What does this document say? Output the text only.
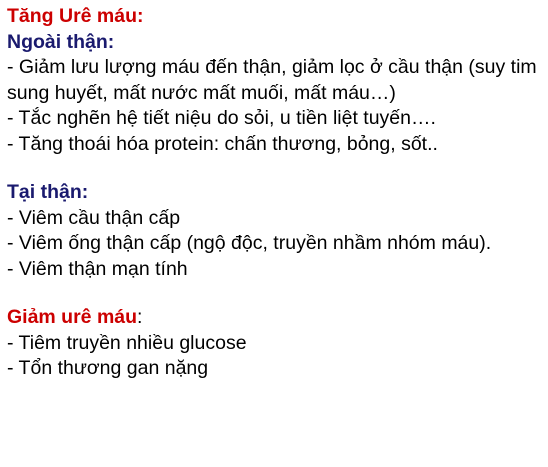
Tăng Urê máu:
Ngoài thận:
- Giảm lưu lượng máu đến thận, giảm lọc ở cầu thận (suy tim sung huyết, mất nước mất muối, mất máu…)
- Tắc nghẽn hệ tiết niệu do sỏi, u tiền liệt tuyến….
- Tăng thoái hóa protein: chấn thương, bỏng, sốt..
Tại thận:
- Viêm cầu thận cấp
- Viêm ống thận cấp (ngộ độc, truyền nhầm nhóm máu).
- Viêm thận mạn tính
Giảm urê máu:
- Tiêm truyền nhiều glucose
- Tổn thương gan nặng
